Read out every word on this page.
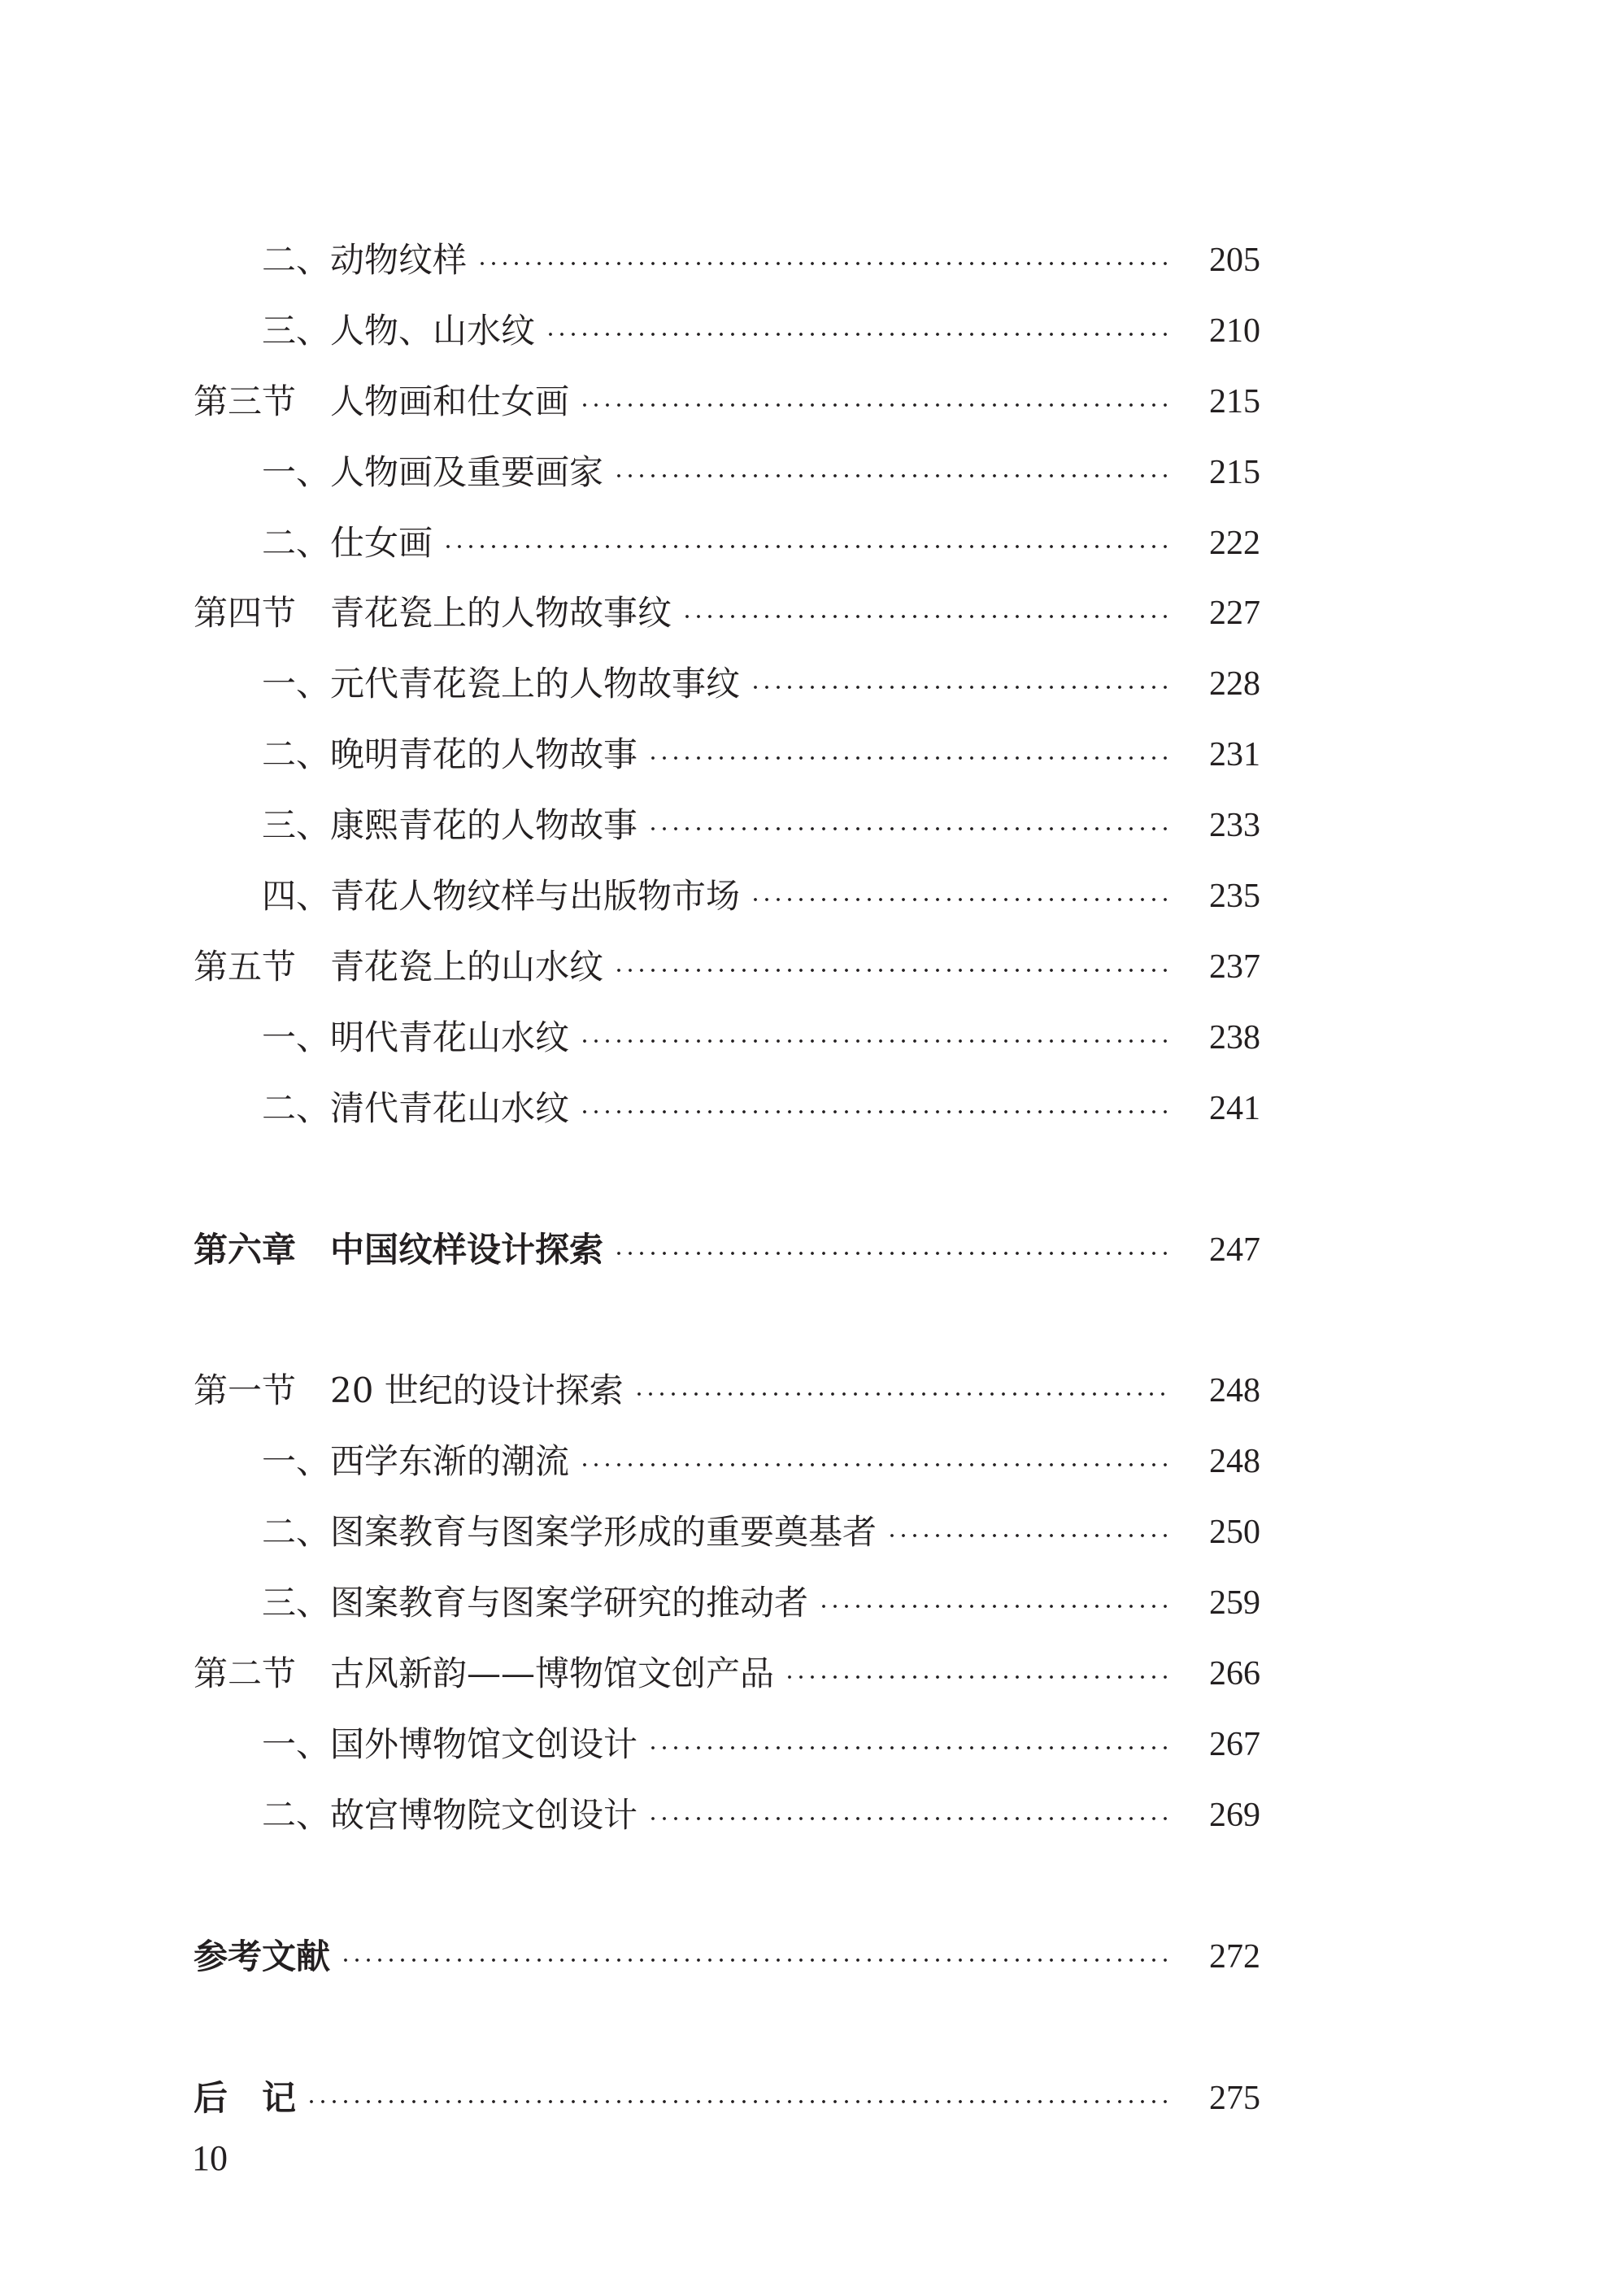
二、动物纹样	205
三、人物、山水纹	210
第三节　人物画和仕女画	215
一、人物画及重要画家	215
二、仕女画	222
第四节　青花瓷上的人物故事纹	227
一、元代青花瓷上的人物故事纹	228
二、晚明青花的人物故事	231
三、康熙青花的人物故事	233
四、青花人物纹样与出版物市场	235
第五节　青花瓷上的山水纹	237
一、明代青花山水纹	238
二、清代青花山水纹	241
第六章　中国纹样设计探索	247
第一节　20 世纪的设计探索	248
一、西学东渐的潮流	248
二、图案教育与图案学形成的重要奠基者	250
三、图案教育与图案学研究的推动者	259
第二节　古风新韵——博物馆文创产品	266
一、国外博物馆文创设计	267
二、故宫博物院文创设计	269
参考文献	272
后　记	275
10
